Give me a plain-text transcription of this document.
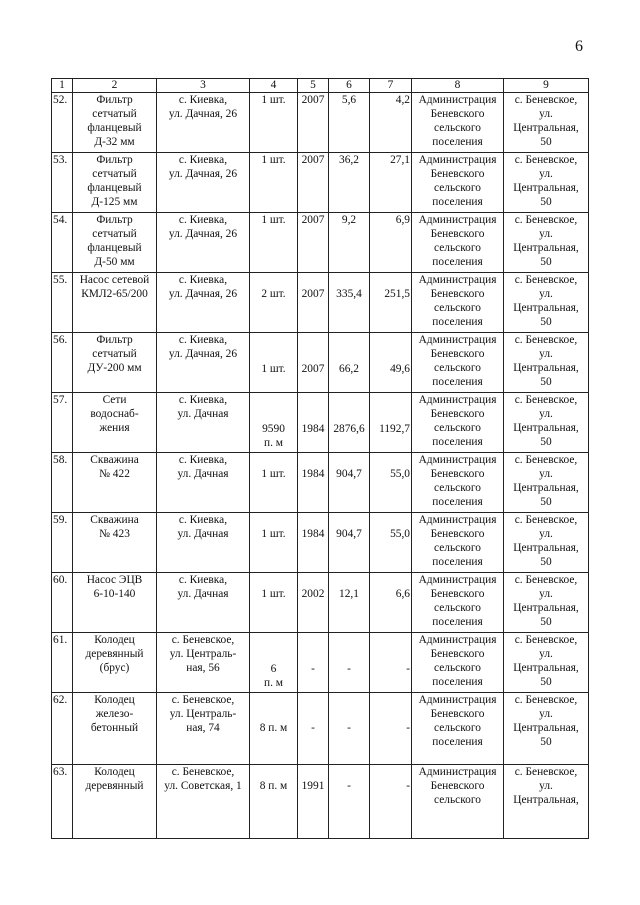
6
1	2	3	4	5	6	7	8	9
52.	Фильтр
сетчатый
фланцевый
Д-32 мм	с. Киевка,
ул. Дачная, 26	1 шт.	2007	5,6	4,2	Администрация
Беневского
сельского
поселения	с. Беневское,
ул.
Центральная,
50
53.	Фильтр
сетчатый
фланцевый
Д-125 мм	с. Киевка,
ул. Дачная, 26	1 шт.	2007	36,2	27,1	Администрация
Беневского
сельского
поселения	с. Беневское,
ул.
Центральная,
50
54.	Фильтр
сетчатый
фланцевый
Д-50 мм	с. Киевка,
ул. Дачная, 26	1 шт.	2007	9,2	6,9	Администрация
Беневского
сельского
поселения	с. Беневское,
ул.
Центральная,
50
55.	Насос сетевой
КМЛ2-65/200	с. Киевка,
ул. Дачная, 26	2 шт.	2007	335,4	251,5	Администрация
Беневского
сельского
поселения	с. Беневское,
ул.
Центральная,
50
56.	Фильтр
сетчатый
ДУ-200 мм	с. Киевка,
ул. Дачная, 26	1 шт.	2007	66,2	49,6	Администрация
Беневского
сельского
поселения	с. Беневское,
ул.
Центральная,
50
57.	Сети
водоснаб-
жения	с. Киевка,
ул. Дачная	9590
п. м	1984	2876,6	1192,7	Администрация
Беневского
сельского
поселения	с. Беневское,
ул.
Центральная,
50
58.	Скважина
№ 422	с. Киевка,
ул. Дачная	1 шт.	1984	904,7	55,0	Администрация
Беневского
сельского
поселения	с. Беневское,
ул.
Центральная,
50
59.	Скважина
№ 423	с. Киевка,
ул. Дачная	1 шт.	1984	904,7	55,0	Администрация
Беневского
сельского
поселения	с. Беневское,
ул.
Центральная,
50
60.	Насос ЭЦВ
6-10-140	с. Киевка,
ул. Дачная	1 шт.	2002	12,1	6,6	Администрация
Беневского
сельского
поселения	с. Беневское,
ул.
Центральная,
50
61.	Колодец
деревянный
(брус)	с. Беневское,
ул. Централь-
ная, 56	6
п. м	-	-	-	Администрация
Беневского
сельского
поселения	с. Беневское,
ул.
Центральная,
50
62.	Колодец
железо-
бетонный	с. Беневское,
ул. Централь-
ная, 74	8 п. м	-	-	-	Администрация
Беневского
сельского
поселения	с. Беневское,
ул.
Центральная,
50
63.	Колодец
деревянный	с. Беневское,
ул. Советская, 1	8 п. м	1991	-	-	Администрация
Беневского
сельского	с. Беневское,
ул.
Центральная,
